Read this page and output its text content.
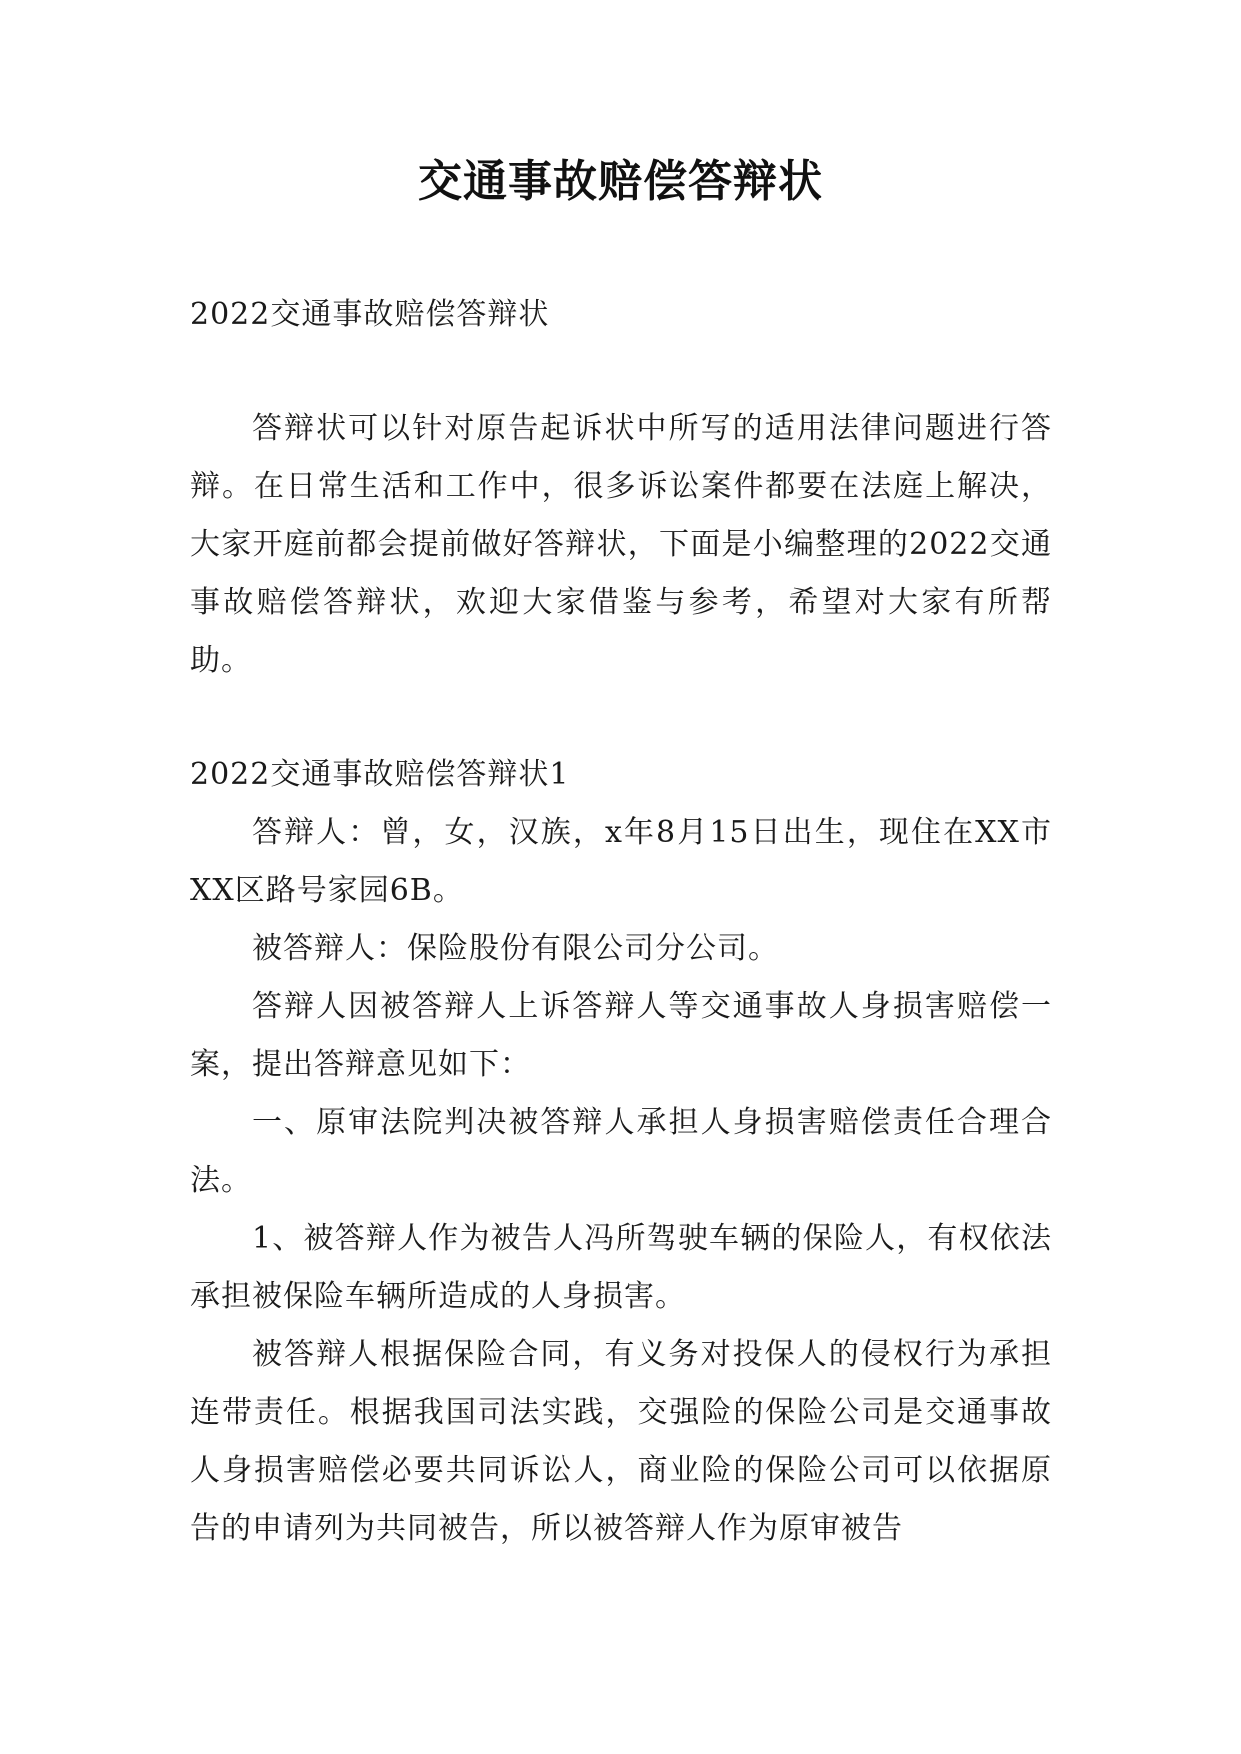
交通事故赔偿答辩状

2022交通事故赔偿答辩状

答辩状可以针对原告起诉状中所写的适用法律问题进行答辩。在日常生活和工作中，很多诉讼案件都要在法庭上解决，大家开庭前都会提前做好答辩状，下面是小编整理的2022交通事故赔偿答辩状，欢迎大家借鉴与参考，希望对大家有所帮助。

2022交通事故赔偿答辩状1

答辩人：曾，女，汉族，x年8月15日出生，现住在XX市XX区路号家园6B。

被答辩人：保险股份有限公司分公司。

答辩人因被答辩人上诉答辩人等交通事故人身损害赔偿一案，提出答辩意见如下：

一、原审法院判决被答辩人承担人身损害赔偿责任合理合法。

1、被答辩人作为被告人冯所驾驶车辆的保险人，有权依法承担被保险车辆所造成的人身损害。

被答辩人根据保险合同，有义务对投保人的侵权行为承担连带责任。根据我国司法实践，交强险的保险公司是交通事故人身损害赔偿必要共同诉讼人，商业险的保险公司可以依据原告的申请列为共同被告，所以被答辩人作为原审被告
